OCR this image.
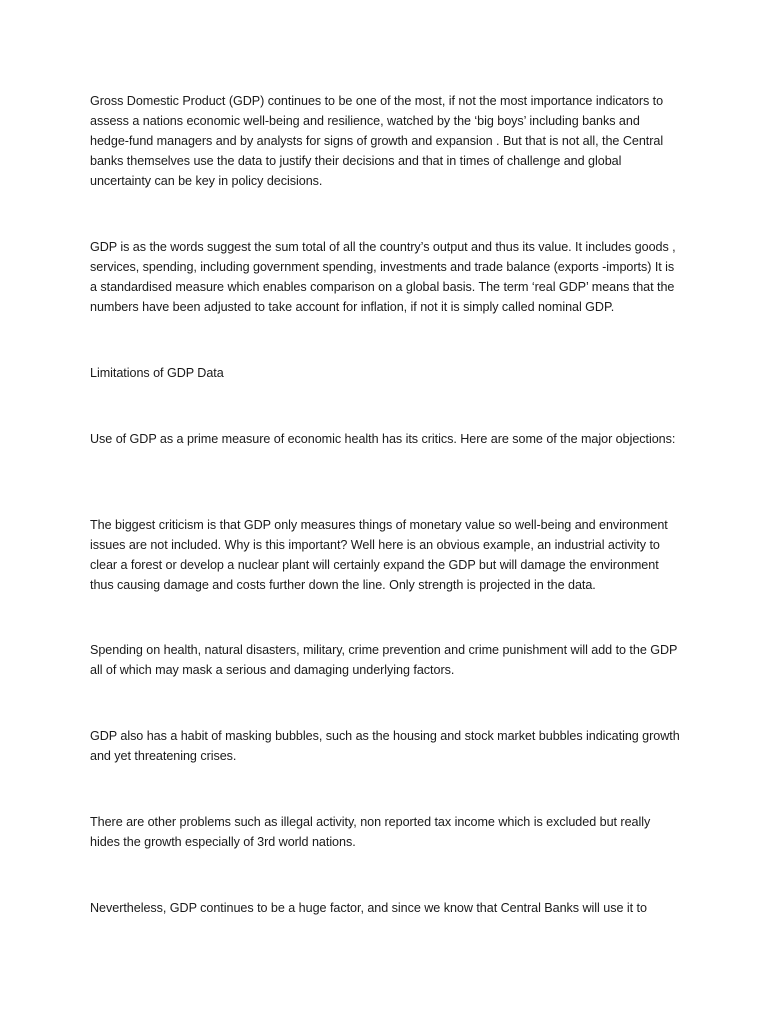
Gross Domestic Product (GDP) continues to be one of the most, if not the most importance indicators to assess a nations economic well-being and resilience, watched by the ‘big boys’ including banks and hedge-fund managers and by analysts for signs of growth and expansion . But that is not all, the Central banks themselves use the data to justify their decisions and that in times of challenge and global uncertainty can be key in policy decisions.

GDP is as the words suggest the sum total of all the country’s output and thus its value. It includes goods , services, spending, including government spending, investments and trade balance (exports -imports) It is a standardised measure which enables comparison on a global basis. The term ‘real GDP’ means that the numbers have been adjusted to take account for inflation, if not it is simply called nominal GDP.

Limitations of GDP Data

Use of GDP as a prime measure of economic health has its critics. Here are some of the major objections:

The biggest criticism is that GDP only measures things of monetary value so well-being and environment issues are not included. Why is this important? Well here is an obvious example, an industrial activity to clear a forest or develop a nuclear plant will certainly expand the GDP but will damage the environment thus causing damage and costs further down the line. Only strength is projected in the data.

Spending on health, natural disasters, military, crime prevention and crime punishment will add to the GDP all of which may mask a serious and damaging underlying factors.

GDP also has a habit of masking bubbles, such as the housing and stock market bubbles indicating growth and yet threatening crises.

There are other problems such as illegal activity, non reported tax income which is excluded but really hides the growth especially of 3rd world nations.

Nevertheless, GDP continues to be a huge factor, and since we know that Central Banks will use it to
